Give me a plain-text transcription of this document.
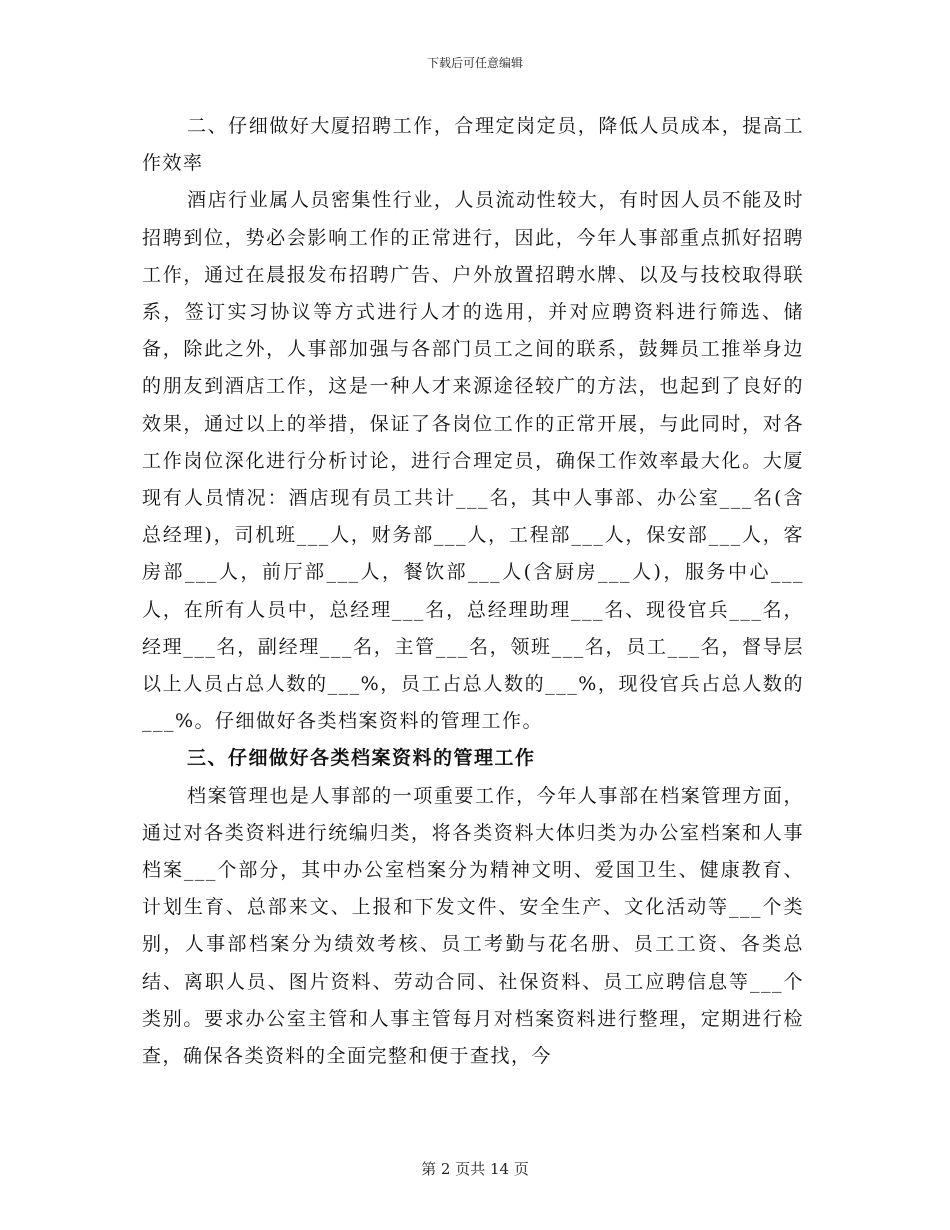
下载后可任意编辑

二、仔细做好大厦招聘工作，合理定岗定员，降低人员成本，提高工作效率

酒店行业属人员密集性行业，人员流动性较大，有时因人员不能及时招聘到位，势必会影响工作的正常进行，因此，今年人事部重点抓好招聘工作，通过在晨报发布招聘广告、户外放置招聘水牌、以及与技校取得联系，签订实习协议等方式进行人才的选用，并对应聘资料进行筛选、储备，除此之外，人事部加强与各部门员工之间的联系，鼓舞员工推举身边的朋友到酒店工作，这是一种人才来源途径较广的方法，也起到了良好的效果，通过以上的举措，保证了各岗位工作的正常开展，与此同时，对各工作岗位深化进行分析讨论，进行合理定员，确保工作效率最大化。大厦现有人员情况：酒店现有员工共计___名，其中人事部、办公室___名(含总经理)，司机班___人，财务部___人，工程部___人，保安部___人，客房部___人，前厅部___人，餐饮部___人(含厨房___人)，服务中心___人，在所有人员中，总经理___名，总经理助理___名、现役官兵___名，经理___名，副经理___名，主管___名，领班___名，员工___名，督导层以上人员占总人数的___%，员工占总人数的___%，现役官兵占总人数的___%。仔细做好各类档案资料的管理工作。

三、仔细做好各类档案资料的管理工作

档案管理也是人事部的一项重要工作，今年人事部在档案管理方面，通过对各类资料进行统编归类，将各类资料大体归类为办公室档案和人事档案___个部分，其中办公室档案分为精神文明、爱国卫生、健康教育、计划生育、总部来文、上报和下发文件、安全生产、文化活动等___个类别，人事部档案分为绩效考核、员工考勤与花名册、员工工资、各类总结、离职人员、图片资料、劳动合同、社保资料、员工应聘信息等___个类别。要求办公室主管和人事主管每月对档案资料进行整理，定期进行检查，确保各类资料的全面完整和便于查找，今

第 2 页共 14 页
